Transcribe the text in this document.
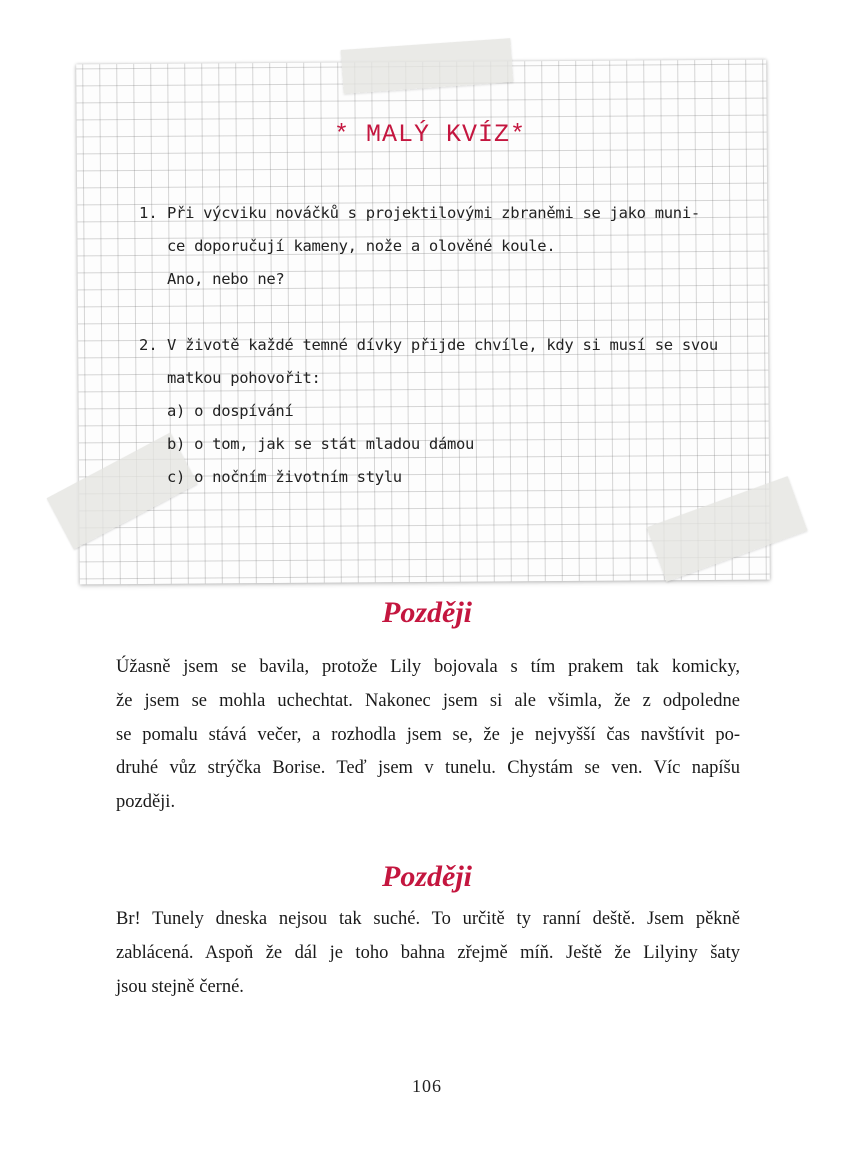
* MALÝ KVÍZ*
1. Při výcviku nováčků s projektilovými zbraněmi se jako muni-
ce doporučují kameny, nože a olověné koule.
Ano, nebo ne?
2. V životě každé temné dívky přijde chvíle, kdy si musí se svou
matkou pohovořit:
a) o dospívání
b) o tom, jak se stát mladou dámou
c) o nočním životním stylu
Později
Úžasně jsem se bavila, protože Lily bojovala s tím prakem tak komicky,
že jsem se mohla uchechtat. Nakonec jsem si ale všimla, že z odpoledne
se pomalu stává večer, a rozhodla jsem se, že je nejvyšší čas navštívit po-
druhé vůz strýčka Borise. Teď jsem v tunelu. Chystám se ven. Víc napíšu
později.
Později
Br! Tunely dneska nejsou tak suché. To určitě ty ranní deště. Jsem pěkně
zablácená. Aspoň že dál je toho bahna zřejmě míň. Ještě že Lilyiny šaty
jsou stejně černé.
106
